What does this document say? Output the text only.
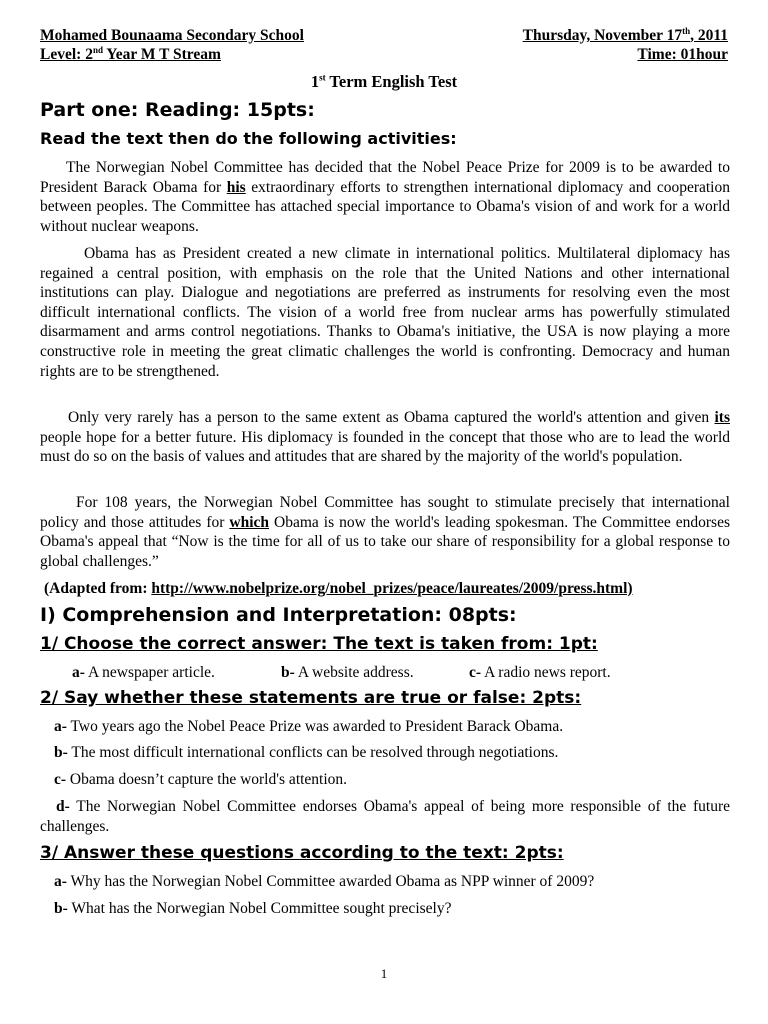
Mohamed Bounaama Secondary School	Thursday, November 17th, 2011
Level: 2nd Year M T Stream	Time: 01hour
1st Term English Test
Part one: Reading: 15pts:
Read the text then do the following activities:
The Norwegian Nobel Committee has decided that the Nobel Peace Prize for 2009 is to be awarded to President Barack Obama for his extraordinary efforts to strengthen international diplomacy and cooperation between peoples. The Committee has attached special importance to Obama's vision of and work for a world without nuclear weapons.
Obama has as President created a new climate in international politics. Multilateral diplomacy has regained a central position, with emphasis on the role that the United Nations and other international institutions can play. Dialogue and negotiations are preferred as instruments for resolving even the most difficult international conflicts. The vision of a world free from nuclear arms has powerfully stimulated disarmament and arms control negotiations. Thanks to Obama's initiative, the USA is now playing a more constructive role in meeting the great climatic challenges the world is confronting. Democracy and human rights are to be strengthened.
Only very rarely has a person to the same extent as Obama captured the world's attention and given its people hope for a better future. His diplomacy is founded in the concept that those who are to lead the world must do so on the basis of values and attitudes that are shared by the majority of the world's population.
For 108 years, the Norwegian Nobel Committee has sought to stimulate precisely that international policy and those attitudes for which Obama is now the world's leading spokesman. The Committee endorses Obama's appeal that “Now is the time for all of us to take our share of responsibility for a global response to global challenges.”
(Adapted from: http://www.nobelprize.org/nobel_prizes/peace/laureates/2009/press.html)
I) Comprehension and Interpretation: 08pts:
1/ Choose the correct answer: The text is taken from: 1pt:
a- A newspaper article.	b- A website address.	c- A radio news report.
2/ Say whether these statements are true or false: 2pts:
a- Two years ago the Nobel Peace Prize was awarded to President Barack Obama.
b- The most difficult international conflicts can be resolved through negotiations.
c- Obama doesn’t capture the world's attention.
d- The Norwegian Nobel Committee endorses Obama's appeal of being more responsible of the future challenges.
3/ Answer these questions according to the text: 2pts:
a- Why has the Norwegian Nobel Committee awarded Obama as NPP winner of 2009?
b- What has the Norwegian Nobel Committee sought precisely?
1
